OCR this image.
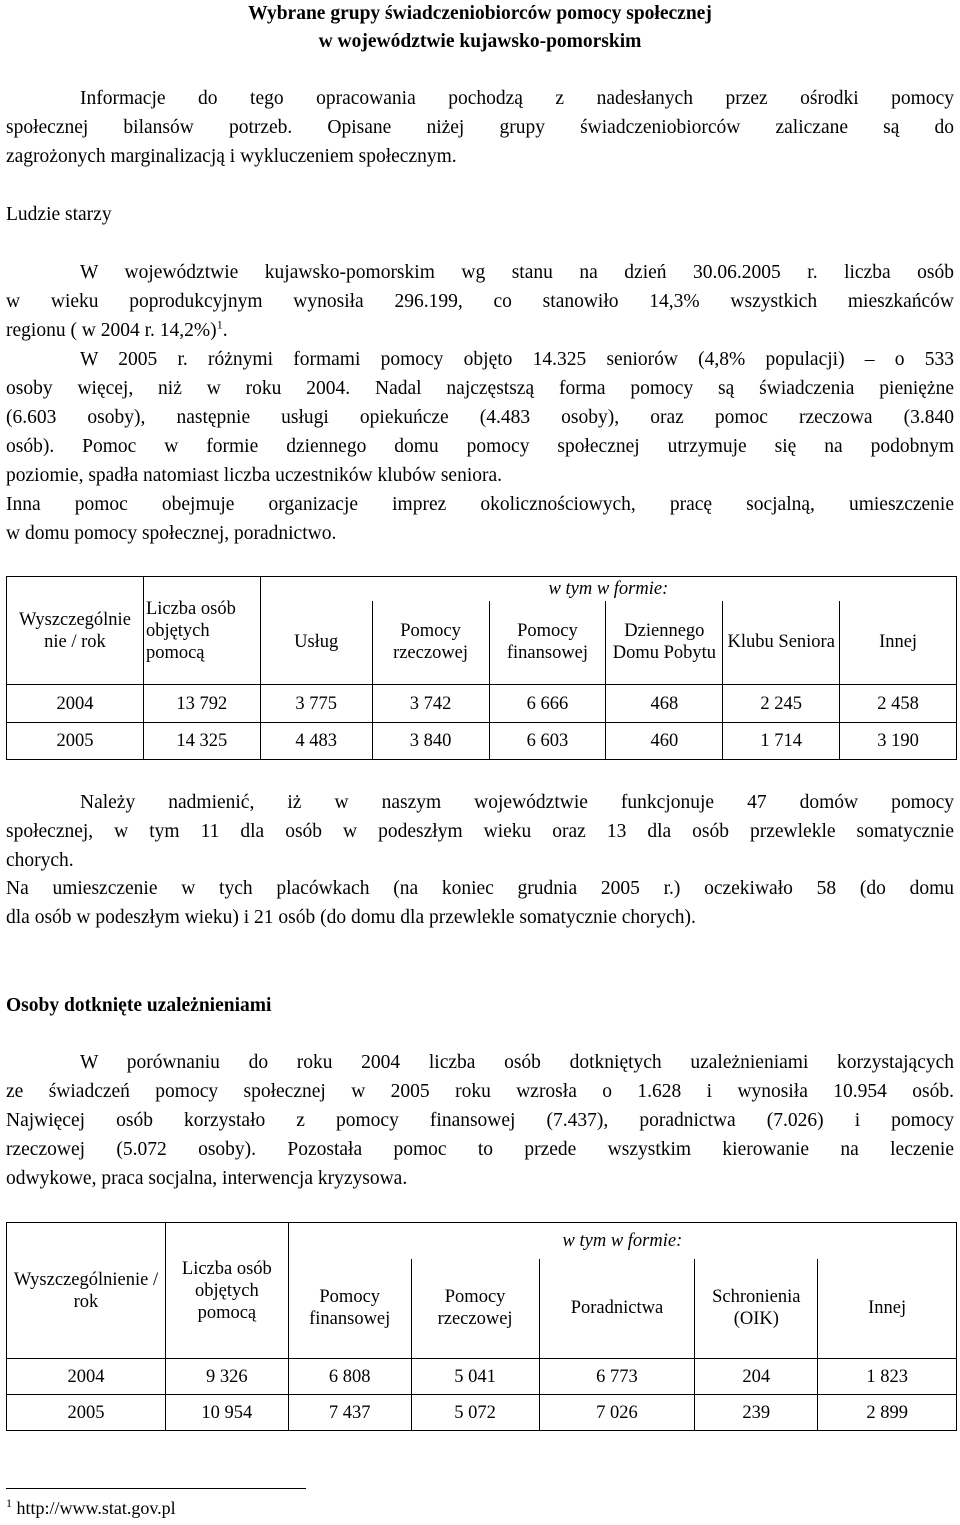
Wybrane grupy świadczeniobiorców pomocy społecznej
w województwie kujawsko-pomorskim
Informacje do tego opracowania pochodzą z nadesłanych przez ośrodki pomocy
społecznej bilansów potrzeb. Opisane niżej grupy świadczeniobiorców zaliczane są do
zagrożonych marginalizacją i wykluczeniem społecznym.
Ludzie starzy
W województwie kujawsko-pomorskim wg stanu na dzień 30.06.2005 r. liczba osób
w wieku poprodukcyjnym wynosiła 296.199, co stanowiło 14,3% wszystkich mieszkańców
regionu ( w 2004 r. 14,2%)$^1$.
W 2005 r. różnymi formami pomocy objęto 14.325 seniorów (4,8% populacji) – o 533
osoby więcej, niż w roku 2004. Nadal najczęstszą forma pomocy są świadczenia pieniężne
(6.603 osoby), następnie usługi opiekuńcze (4.483 osoby), oraz pomoc rzeczowa (3.840
osób). Pomoc w formie dziennego domu pomocy społecznej utrzymuje się na podobnym
poziomie, spadła natomiast liczba uczestników klubów seniora.
Inna pomoc obejmuje organizacje imprez okolicznościowych, pracę socjalną, umieszczenie
w domu pomocy społecznej, poradnictwo.
Wyszczególnie nie / rok	Liczba osób objętych pomocą	w tym w formie:					
		Usług	Pomocy rzeczowej	Pomocy finansowej	Dziennego Domu Pobytu	Klubu Seniora	Innej
2004	13 792	3 775	3 742	6 666	468	2 245	2 458
2005	14 325	4 483	3 840	6 603	460	1 714	3 190
Należy nadmienić, iż w naszym województwie funkcjonuje 47 domów pomocy
społecznej, w tym 11 dla osób w podeszłym wieku oraz 13 dla osób przewlekle somatycznie
chorych.
Na umieszczenie w tych placówkach (na koniec grudnia 2005 r.) oczekiwało 58 (do domu
dla osób w podeszłym wieku) i 21 osób (do domu dla przewlekle somatycznie chorych).
Osoby dotknięte uzależnieniami
W porównaniu do roku 2004 liczba osób dotkniętych uzależnieniami korzystających
ze świadczeń pomocy społecznej w 2005 roku wzrosła o 1.628 i wynosiła 10.954 osób.
Najwięcej osób korzystało z pomocy finansowej (7.437), poradnictwa (7.026) i pomocy
rzeczowej (5.072 osoby). Pozostała pomoc to przede wszystkim kierowanie na leczenie
odwykowe, praca socjalna, interwencja kryzysowa.
Wyszczególnienie / rok	Liczba osób objętych pomocą	w tym w formie:				
		Pomocy finansowej	Pomocy rzeczowej	Poradnictwa	Schronienia (OIK)	Innej
2004	9 326	6 808	5 041	6 773	204	1 823
2005	10 954	7 437	5 072	7 026	239	2 899
$^1$ http://www.stat.gov.pl
